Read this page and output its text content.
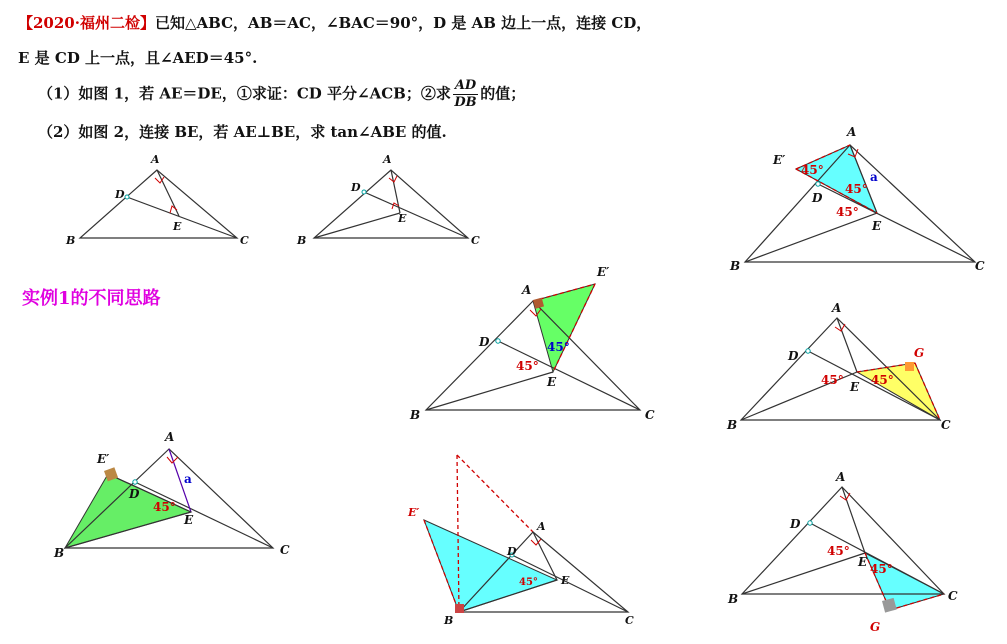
【2020·福州二检】已知△ABC，AB＝AC，∠BAC＝90°，D 是 AB 边上一点，连接 CD，
E 是 CD 上一点，且∠AED＝45°.
（1）如图 1，若 AE＝DE，①求证：CD 平分∠ACB；②求 $\frac{AD}{DB}$ 的值；
（2）如图 2，连接 BE，若 AE⊥BE，求 tan∠ABE 的值.
实例1的不同思路
A
D
E
B	C
A
D
E
B	C
A
E′
D
E
B	C
a
45°
45°
45°
A
E′
D
E
B	C
45°
45°
A
G
D
E
B	C
45° 45°
A
E′
D
E
B	C
a
45°
A
E′
D
E
B	C
45°
A
D
E
B	C
G
45°
45°
